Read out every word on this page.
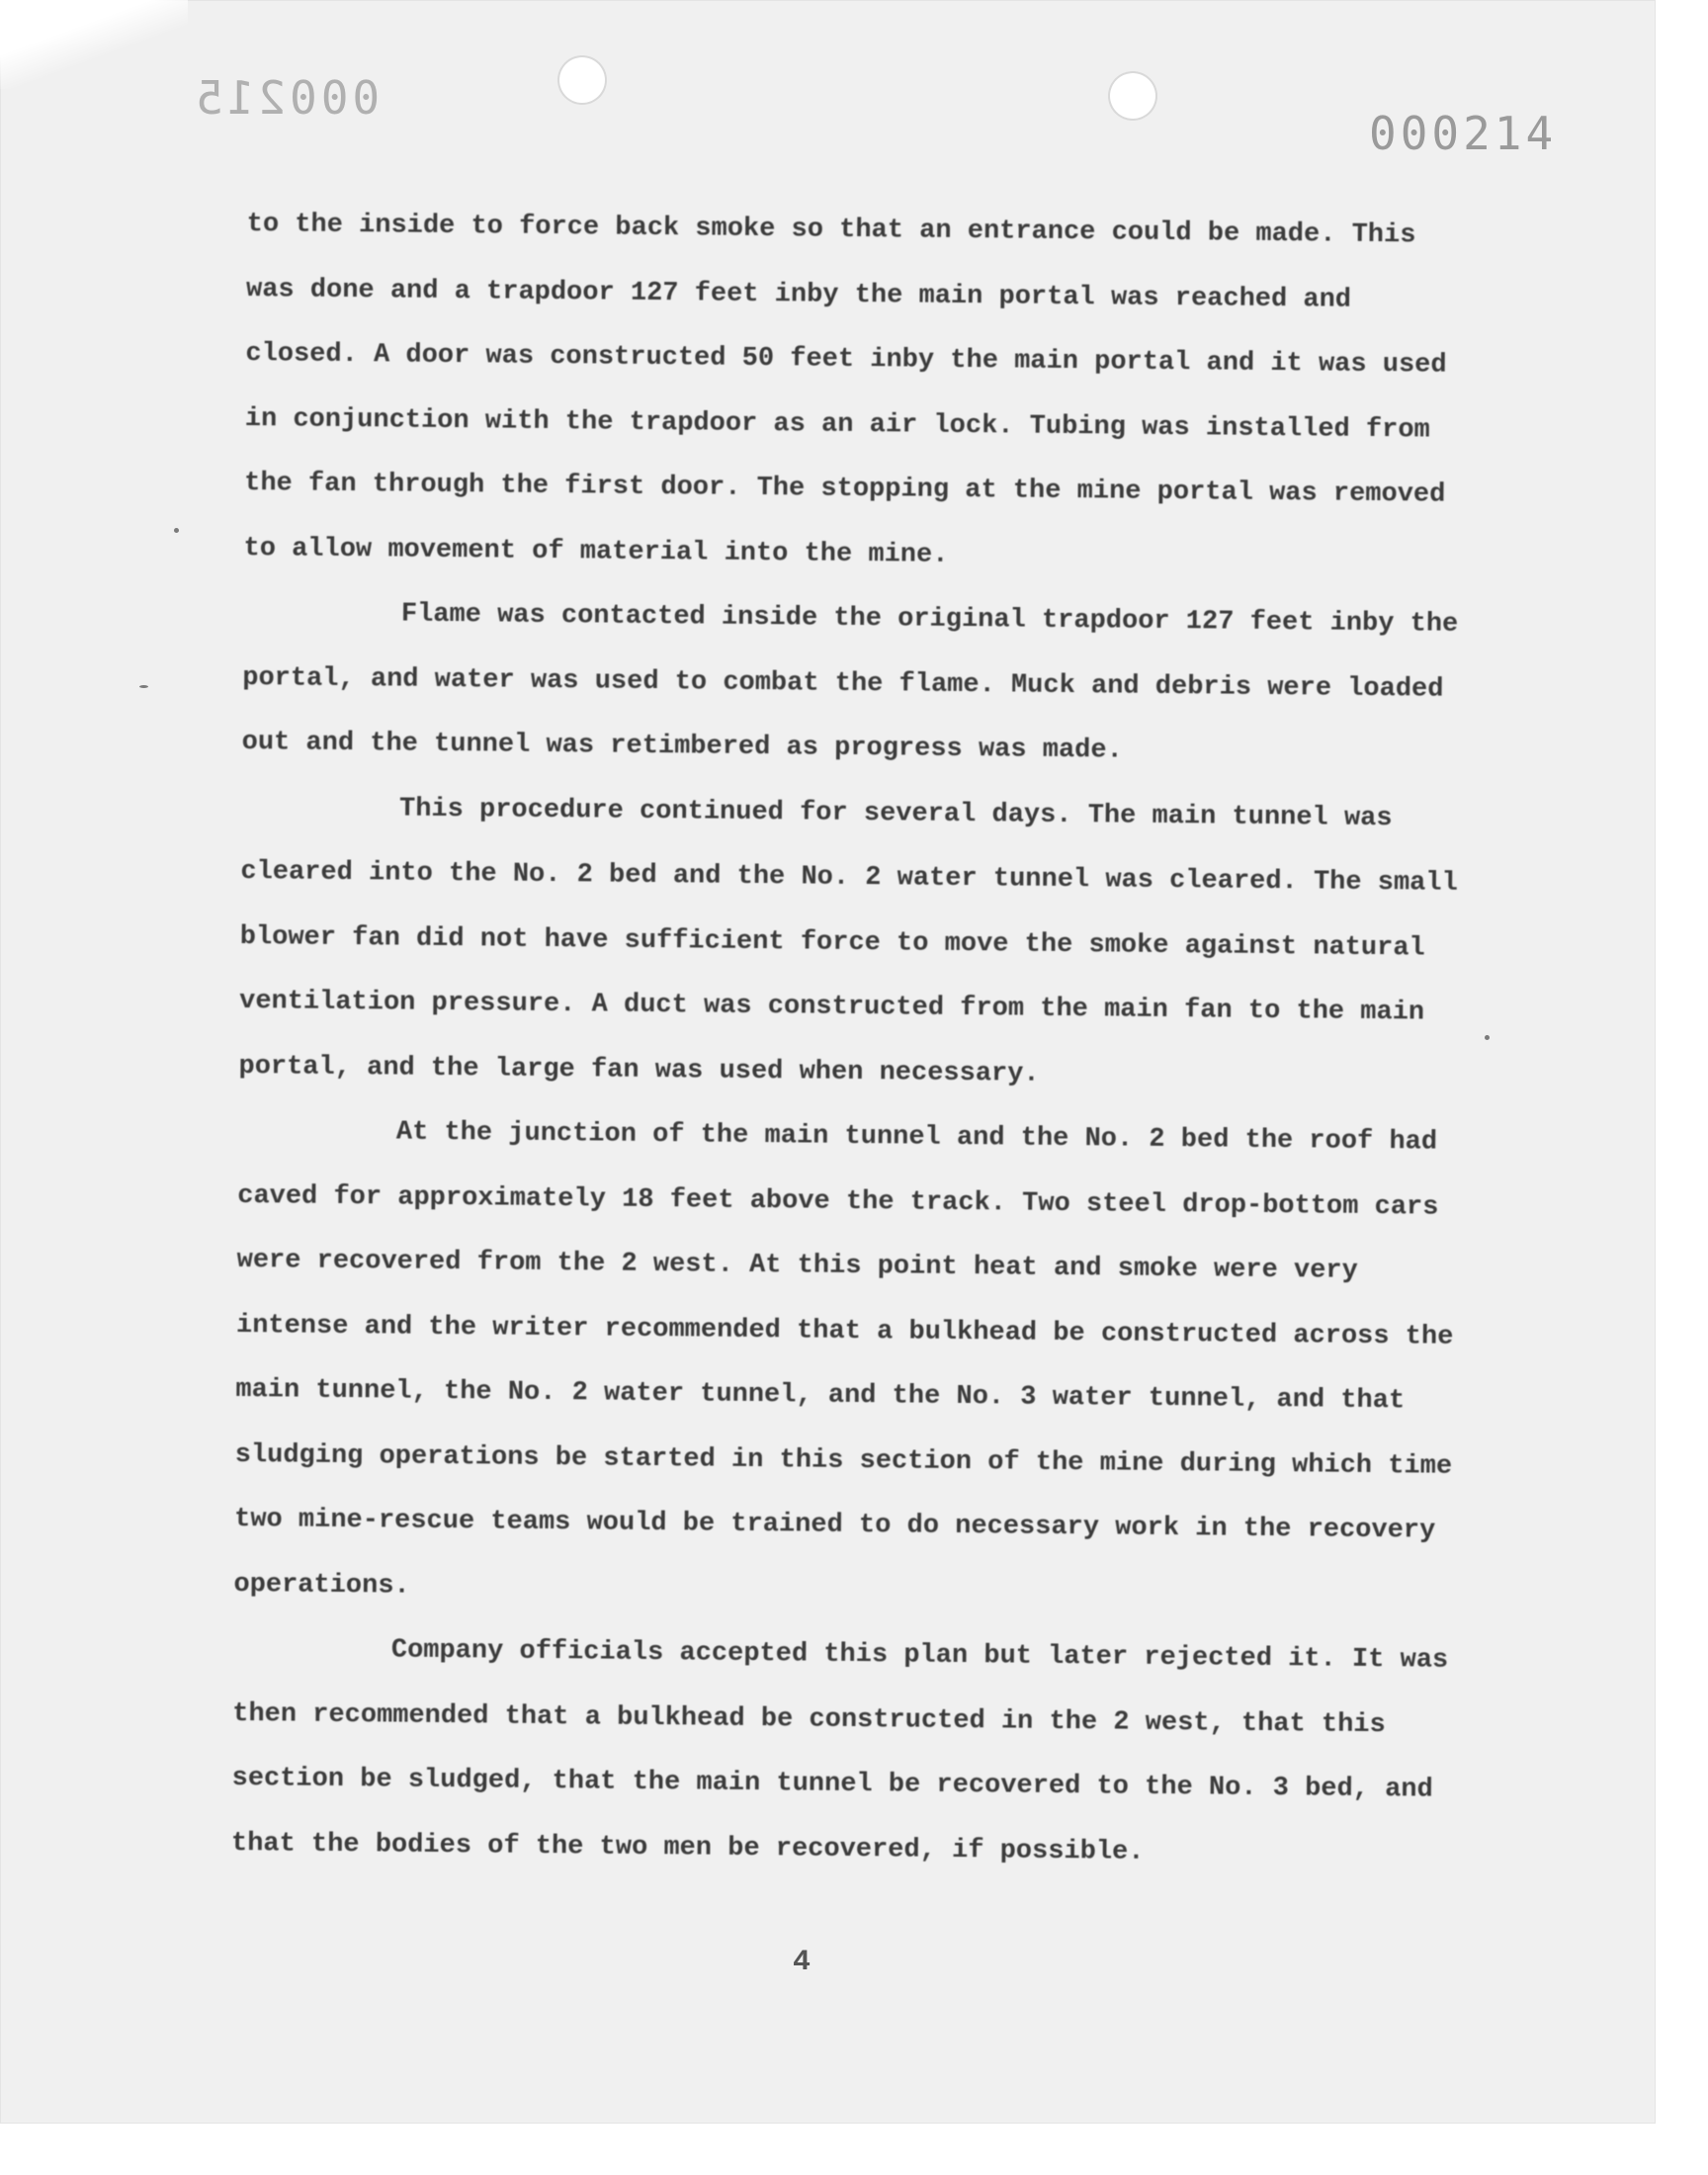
000215
000214

to the inside to force back smoke so that an entrance could be made. This was done and a trapdoor 127 feet inby the main portal was reached and closed. A door was constructed 50 feet inby the main portal and it was used in conjunction with the trapdoor as an air lock. Tubing was installed from the fan through the first door. The stopping at the mine portal was removed to allow movement of material into the mine.

Flame was contacted inside the original trapdoor 127 feet inby the portal, and water was used to combat the flame. Muck and debris were loaded out and the tunnel was retimbered as progress was made.

This procedure continued for several days. The main tunnel was cleared into the No. 2 bed and the No. 2 water tunnel was cleared. The small blower fan did not have sufficient force to move the smoke against natural ventilation pressure. A duct was constructed from the main fan to the main portal, and the large fan was used when necessary.

At the junction of the main tunnel and the No. 2 bed the roof had caved for approximately 18 feet above the track. Two steel drop-bottom cars were recovered from the 2 west. At this point heat and smoke were very intense and the writer recommended that a bulkhead be constructed across the main tunnel, the No. 2 water tunnel, and the No. 3 water tunnel, and that sludging operations be started in this section of the mine during which time two mine-rescue teams would be trained to do necessary work in the recovery operations.

Company officials accepted this plan but later rejected it. It was then recommended that a bulkhead be constructed in the 2 west, that this section be sludged, that the main tunnel be recovered to the No. 3 bed, and that the bodies of the two men be recovered, if possible.

4
